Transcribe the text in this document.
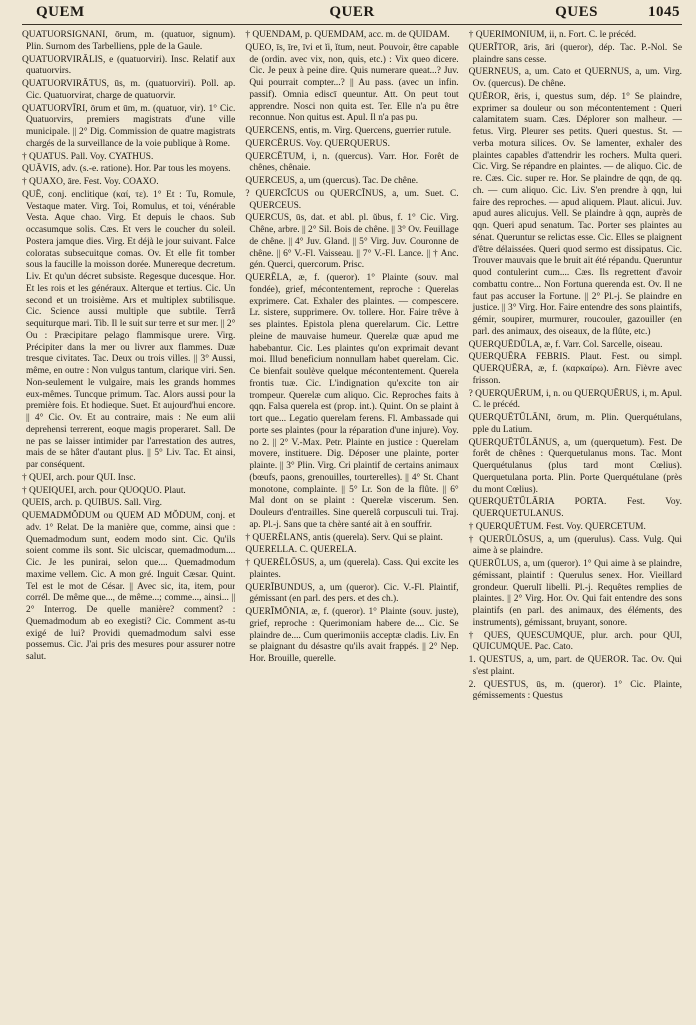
QUEM	QUER	QUES	1045

QUATUORSIGNĀNI, ōrum, m. (quatuor, signum). Plin. Surnom des Tarbelliens, pple de la Gaule.

QUATUORVIRĀLIS, e (quatuorviri). Insc. Relatif aux quatuorvirs.

QUATUORVIRĀTUS, ūs, m. (quatuorviri). Poll. ap. Cic. Quatuorvirat, charge de quatuorvir.

QUATUORVĪRI, ōrum et ūm, m. (quatuor, vir). 1° Cic. Quatuorvirs, premiers magistrats d'une ville municipale. || 2° Dig. Commission de quatre magistrats chargés de la surveillance de la voie publique à Rome.

† QUATUS. Pall. Voy. CYATHUS.

QUĀVIS, adv. (s.-e. ratione). Hor. Par tous les moyens.

† QUAXO, āre. Fest. Voy. COAXO.

QUĔ, conj. enclitique (καί, τε). 1° Et : Tu, Romule, Vestaque mater. Virg. Toi, Romulus, et toi, vénérable Vesta. Aque chao. Virg. Et depuis le chaos. Sub occasumque solis. Cæs. Et vers le coucher du soleil. Postera jamque dies. Virg. Et déjà le jour suivant. Falce coloratas subsecuitque comas. Ov. Et elle fit tomber sous la faucille la moisson dorée. Munereque decretum. Liv. Et qu'un décret subsiste. Regesque ducesque. Hor. Et les rois et les généraux. Alterque et tertius. Cic. Un second et un troisième. Ars et multiplex subtilisque. Cic. Science aussi multiple que subtile. Terrâ sequiturque mari. Tib. Il le suit sur terre et sur mer. || 2° Ou : Præcipitare pelago flammisque urere. Virg. Précipiter dans la mer ou livrer aux flammes. Duæ tresque civitates. Tac. Deux ou trois villes. || 3° Aussi, même, en outre : Non vulgus tantum, clarique viri. Sen. Non-seulement le vulgaire, mais les grands hommes eux-mêmes. Tuncque primum. Tac. Alors aussi pour la première fois. Et hodieque. Suet. Et aujourd'hui encore. || 4° Cic. Ov. Et au contraire, mais : Ne eum alii deprehensi terrerent, eoque magis properaret. Sall. De ne pas se laisser intimider par l'arrestation des autres, mais de se hâter d'autant plus. || 5° Liv. Tac. Et ainsi, par conséquent.

† QUEI, arch. pour QUI. Insc.

† QUEIQUEI, arch. pour QUOQUO. Plaut.

QUEIS, arch. p. QUIBUS. Sall. Virg.

QUEMADMŎDUM ou QUEM AD MŎDUM, conj. et adv. 1° Relat. De la manière que, comme, ainsi que : Quemadmodum sunt, eodem modo sint. Cic. Qu'ils soient comme ils sont. Sic ulciscar, quemadmodum.... Cic. Je les punirai, selon que.... Quemadmodum maxime vellem. Cic. A mon gré. Inguit Cæsar. Quint. Tel est le mot de César. || Avec sic, ita, item, pour corrél. De même que..., de même...; comme..., ainsi... || 2° Interrog. De quelle manière? comment? : Quemadmodum ab eo exegisti? Cic. Comment as-tu exigé de lui? Providi quemadmodum salvi esse possemus. Cic. J'ai pris des mesures pour assurer notre salut.

† QUENDAM, p. QUEMDAM, acc. m. de QUIDAM.

QUEO, īs, īre, īvi et ĭi, ĭtum, neut. Pouvoir, être capable de (ordin. avec vix, non, quis, etc.) : Vix queo dicere. Cic. Je peux à peine dire. Quis numerare queat...? Juv. Qui pourrait compter...? || Au pass. (avec un infin. passif). Omnia ediscī queuntur. Att. On peut tout apprendre. Nosci non quita est. Ter. Elle n'a pu être reconnue. Non quitus est. Apul. Il n'a pas pu.

QUERCENS, entis, m. Virg. Quercens, guerrier rutule.

QUERCĒRUS. Voy. QUERQUERUS.

QUERCĒTUM, i, n. (quercus). Varr. Hor. Forêt de chênes, chênaie.

QUERCEUS, a, um (quercus). Tac. De chêne.

? QUERCĬCUS ou QUERCĬNUS, a, um. Suet. C. QUERCEUS.

QUERCUS, ūs, dat. et abl. pl. ŭbus, f. 1° Cic. Virg. Chêne, arbre. || 2° Sil. Bois de chêne. || 3° Ov. Feuillage de chêne. || 4° Juv. Gland. || 5° Virg. Juv. Couronne de chêne. || 6° V.-Fl. Vaisseau. || 7° V.-Fl. Lance. || † Anc. gén. Querci, quercorum. Prisc.

QUERĒLA, æ, f. (queror). 1° Plainte (souv. mal fondée), grief, mécontentement, reproche : Querelas exprimere. Cat. Exhaler des plaintes. — compescere. Lr. sistere, supprimere. Ov. tollere. Hor. Faire trêve à ses plaintes. Epistola plena querelarum. Cic. Lettre pleine de mauvaise humeur. Querelæ quæ apud me habebantur. Cic. Les plaintes qu'on exprimait devant moi. Illud beneficium nonnullam habet querelam. Cic. Ce bienfait soulève quelque mécontentement. Querela frontis tuæ. Cic. L'indignation qu'excite ton air trompeur. Querelæ cum aliquo. Cic. Reproches faits à qqn. Falsa querela est (prop. int.). Quint. On se plaint à tort que... Legatio querelam ferens. Fl. Ambassade qui porte ses plaintes (pour la réparation d'une injure). Voy. no 2. || 2° V.-Max. Petr. Plainte en justice : Querelam movere, instituere. Dig. Déposer une plainte, porter plainte. || 3° Plin. Virg. Cri plaintif de certains animaux (bœufs, paons, grenouilles, tourterelles). || 4° St. Chant monotone, complainte. || 5° Lr. Son de la flûte. || 6° Mal dont on se plaint : Querelæ viscerum. Sen. Douleurs d'entrailles. Sine querelâ corpusculi tui. Traj. ap. Pl.-j. Sans que ta chère santé ait à en souffrir.

† QUERĒLANS, antis (querela). Serv. Qui se plaint.

QUERELLA. C. QUERELA.

† QUERĒLŌSUS, a, um (querela). Cass. Qui excite les plaintes.

QUERĬBUNDUS, a, um (queror). Cic. V.-Fl. Plaintif, gémissant (en parl. des pers. et des ch.).

QUERĬMŌNIA, æ, f. (queror). 1° Plainte (souv. juste), grief, reproche : Querimoniam habere de.... Cic. Se plaindre de.... Cum querimoniis acceptæ cladis. Liv. En se plaignant du désastre qu'ils avait frappés. || 2° Nep. Hor. Brouille, querelle.

† QUERĬMŌNIUM, ii, n. Fort. C. le précéd.

QUERĬTOR, āris, āri (queror), dép. Tac. P.-Nol. Se plaindre sans cesse.

QUERNEUS, a, um. Cato et QUERNUS, a, um. Virg. Ov. (quercus). De chêne.

QUĔROR, ĕris, i, questus sum, dép. 1° Se plaindre, exprimer sa douleur ou son mécontentement : Queri calamitatem suam. Cæs. Déplorer son malheur. — fetus. Virg. Pleurer ses petits. Queri questus. St. — verba motura silices. Ov. Se lamenter, exhaler des plaintes capables d'attendrir les rochers. Multa queri. Cic. Virg. Se répandre en plaintes. — de aliquo. Cic. de re. Cæs. Cic. super re. Hor. Se plaindre de qqn, de qq. ch. — cum aliquo. Cic. Liv. S'en prendre à qqn, lui faire des reproches. — apud aliquem. Plaut. alicui. Juv. apud aures alicujus. Vell. Se plaindre à qqn, auprès de qqn. Queri apud senatum. Tac. Porter ses plaintes au sénat. Queruntur se relictas esse. Cic. Elles se plaignent d'être délaissées. Queri quod sermo est dissipatus. Cic. Trouver mauvais que le bruit ait été répandu. Queruntur quod contulerint cum.... Cæs. Ils regrettent d'avoir combattu contre... Non Fortuna querenda est. Ov. Il ne faut pas accuser la Fortune. || 2° Pl.-j. Se plaindre en justice. || 3° Virg. Hor. Faire entendre des sons plaintifs, gémir, soupirer, murmurer, roucouler, gazouiller (en parl. des animaux, des oiseaux, de la flûte, etc.)

QUERQUĒDŬLA, æ, f. Varr. Col. Sarcelle, oiseau.

QUERQUĒRA FEBRIS. Plaut. Fest. ou simpl. QUERQUĒRA, æ, f. (καρκαίρω). Arn. Fièvre avec frisson.

? QUERQUĒRUM, i, n. ou QUERQUĒRUS, i, m. Apul. C. le précéd.

QUERQUĒTŬLĀNI, ōrum, m. Plin. Querquétulans, pple du Latium.

QUERQUĒTŬLĀNUS, a, um (querquetum). Fest. De forêt de chênes : Querquetulanus mons. Tac. Mont Querquétulanus (plus tard mont Cœlius). Querquetulana porta. Plin. Porte Querquétulane (près du mont Cœlius).

QUERQUĒTŬLĀRIA PORTA. Fest. Voy. QUERQUETULANUS.

† QUERQUĒTUM. Fest. Voy. QUERCETUM.

† QUERŬLŌSUS, a, um (querulus). Cass. Vulg. Qui aime à se plaindre.

QUERŬLUS, a, um (queror). 1° Qui aime à se plaindre, gémissant, plaintif : Querulus senex. Hor. Vieillard grondeur. Querulī libelli. Pl.-j. Requêtes remplies de plaintes. || 2° Virg. Hor. Ov. Qui fait entendre des sons plaintifs (en parl. des animaux, des éléments, des instruments), gémissant, bruyant, sonore.

† QUES, QUESCUMQUE, plur. arch. pour QUI, QUICUMQUE. Pac. Cato.

1. QUESTUS, a, um, part. de QUEROR. Tac. Ov. Qui s'est plaint.

2. QUESTUS, ūs, m. (queror). 1° Cic. Plainte, gémissements : Questus
